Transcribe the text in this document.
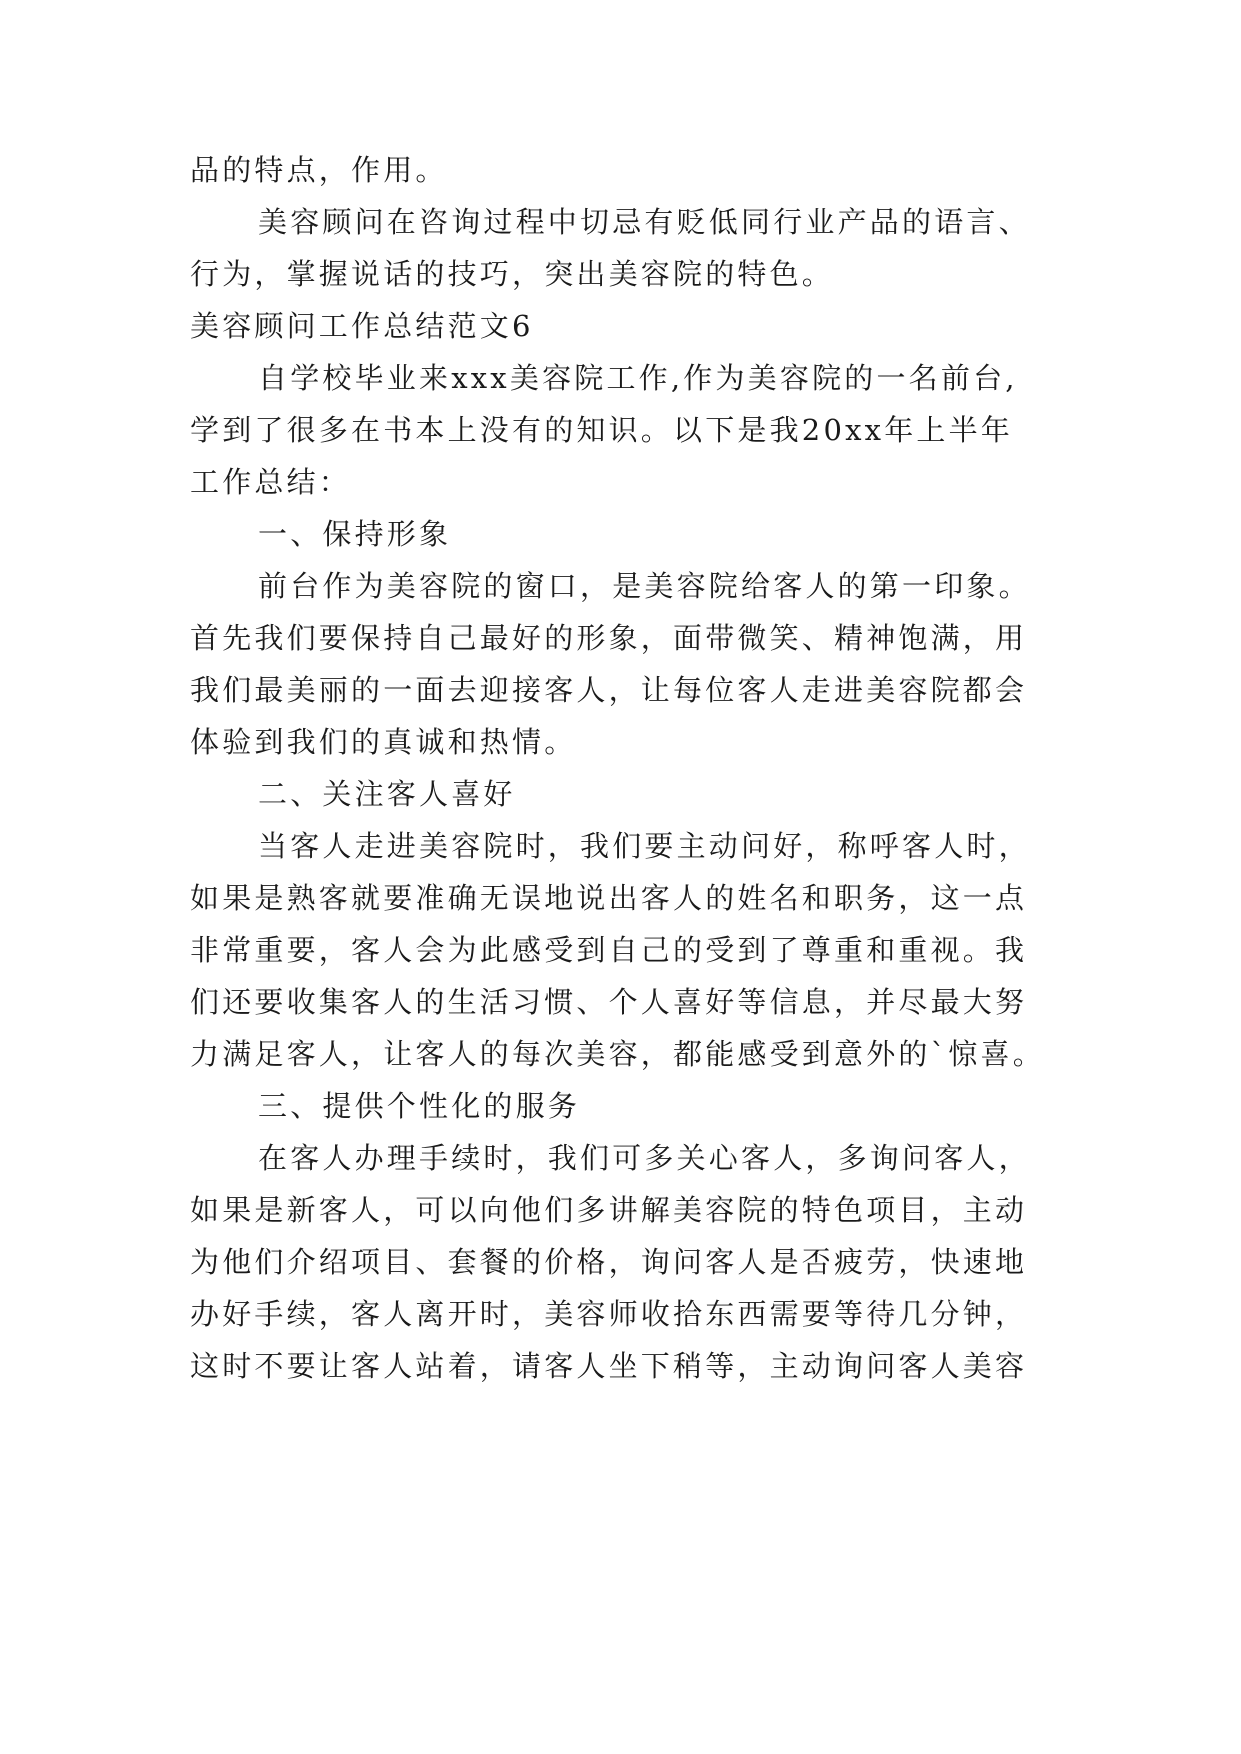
品的特点，作用。
美容顾问在咨询过程中切忌有贬低同行业产品的语言、
行为，掌握说话的技巧，突出美容院的特色。
美容顾问工作总结范文6
自学校毕业来xxx美容院工作,作为美容院的一名前台,
学到了很多在书本上没有的知识。以下是我20xx年上半年
工作总结：
一、保持形象
前台作为美容院的窗口，是美容院给客人的第一印象。
首先我们要保持自己最好的形象，面带微笑、精神饱满，用
我们最美丽的一面去迎接客人，让每位客人走进美容院都会
体验到我们的真诚和热情。
二、关注客人喜好
当客人走进美容院时，我们要主动问好，称呼客人时，
如果是熟客就要准确无误地说出客人的姓名和职务，这一点
非常重要，客人会为此感受到自己的受到了尊重和重视。我
们还要收集客人的生活习惯、个人喜好等信息，并尽最大努
力满足客人，让客人的每次美容，都能感受到意外的`惊喜。
三、提供个性化的服务
在客人办理手续时，我们可多关心客人，多询问客人，
如果是新客人，可以向他们多讲解美容院的特色项目，主动
为他们介绍项目、套餐的价格，询问客人是否疲劳，快速地
办好手续，客人离开时，美容师收拾东西需要等待几分钟，
这时不要让客人站着，请客人坐下稍等，主动询问客人美容
